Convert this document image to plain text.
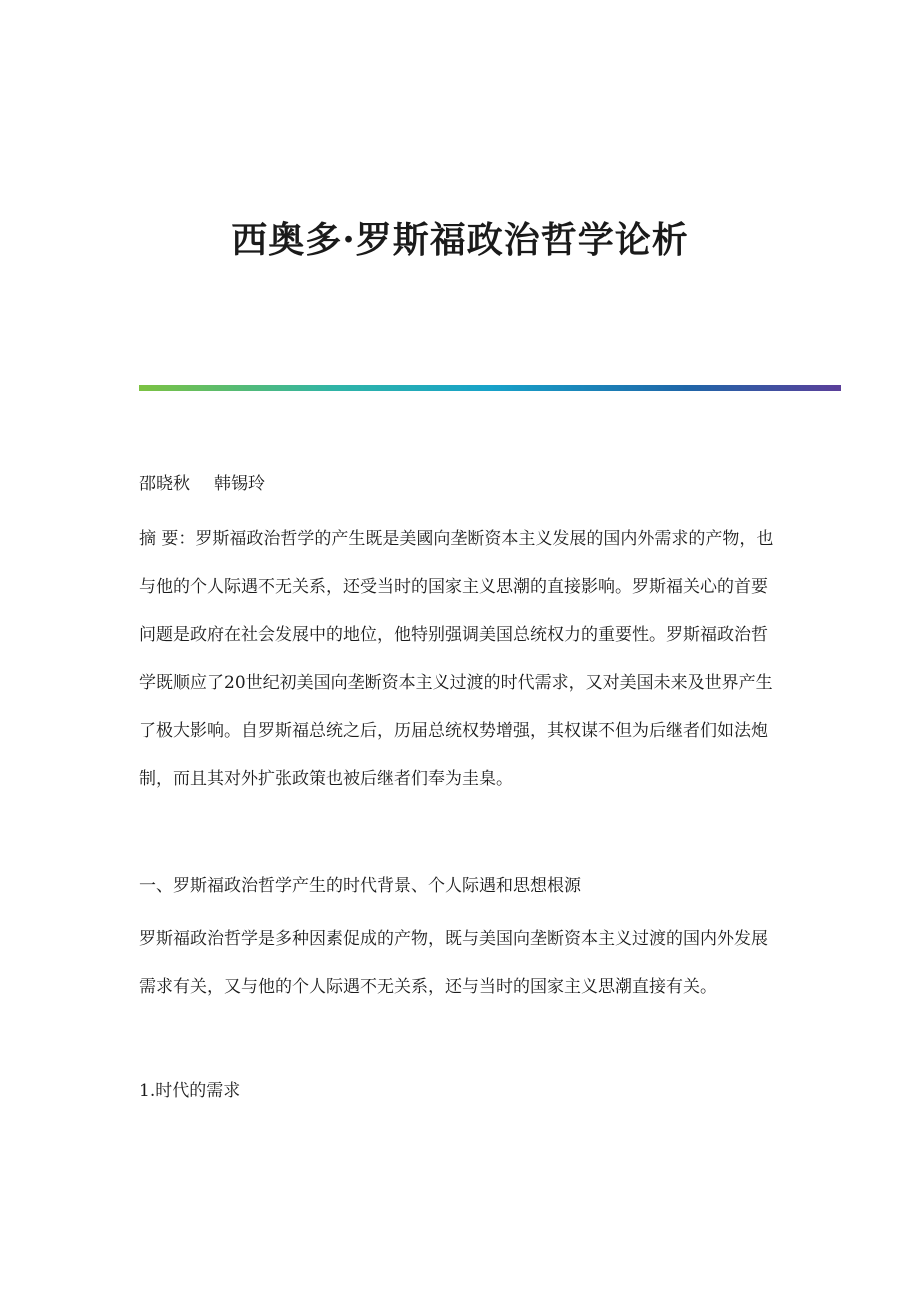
西奥多·罗斯福政治哲学论析

邵晓秋 韩锡玲

摘 要：罗斯福政治哲学的产生既是美國向垄断资本主义发展的国内外需求的产物，也与他的个人际遇不无关系，还受当时的国家主义思潮的直接影响。罗斯福关心的首要问题是政府在社会发展中的地位，他特别强调美国总统权力的重要性。罗斯福政治哲学既顺应了20世纪初美国向垄断资本主义过渡的时代需求，又对美国未来及世界产生了极大影响。自罗斯福总统之后，历届总统权势增强，其权谋不但为后继者们如法炮制，而且其对外扩张政策也被后继者们奉为圭臬。

一、罗斯福政治哲学产生的时代背景、个人际遇和思想根源

罗斯福政治哲学是多种因素促成的产物，既与美国向垄断资本主义过渡的国内外发展需求有关，又与他的个人际遇不无关系，还与当时的国家主义思潮直接有关。

1.时代的需求
